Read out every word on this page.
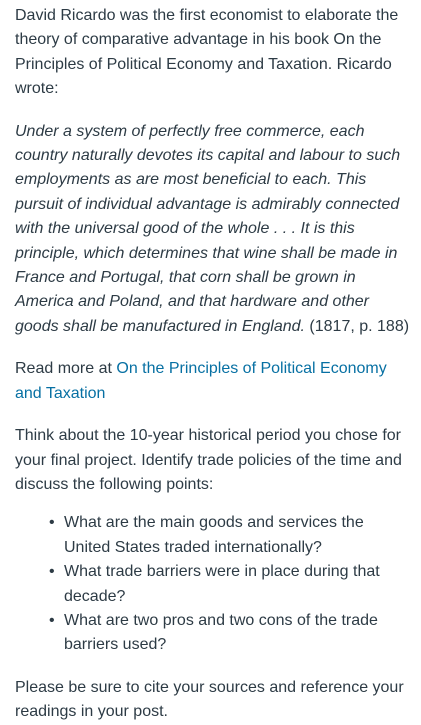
David Ricardo was the first economist to elaborate the theory of comparative advantage in his book On the Principles of Political Economy and Taxation. Ricardo wrote:

Under a system of perfectly free commerce, each country naturally devotes its capital and labour to such employments as are most beneficial to each. This pursuit of individual advantage is admirably connected with the universal good of the whole . . . It is this principle, which determines that wine shall be made in France and Portugal, that corn shall be grown in America and Poland, and that hardware and other goods shall be manufactured in England. (1817, p. 188)

Read more at On the Principles of Political Economy and Taxation

Think about the 10-year historical period you chose for your final project. Identify trade policies of the time and discuss the following points:

• What are the main goods and services the United States traded internationally?
• What trade barriers were in place during that decade?
• What are two pros and two cons of the trade barriers used?

Please be sure to cite your sources and reference your readings in your post.
